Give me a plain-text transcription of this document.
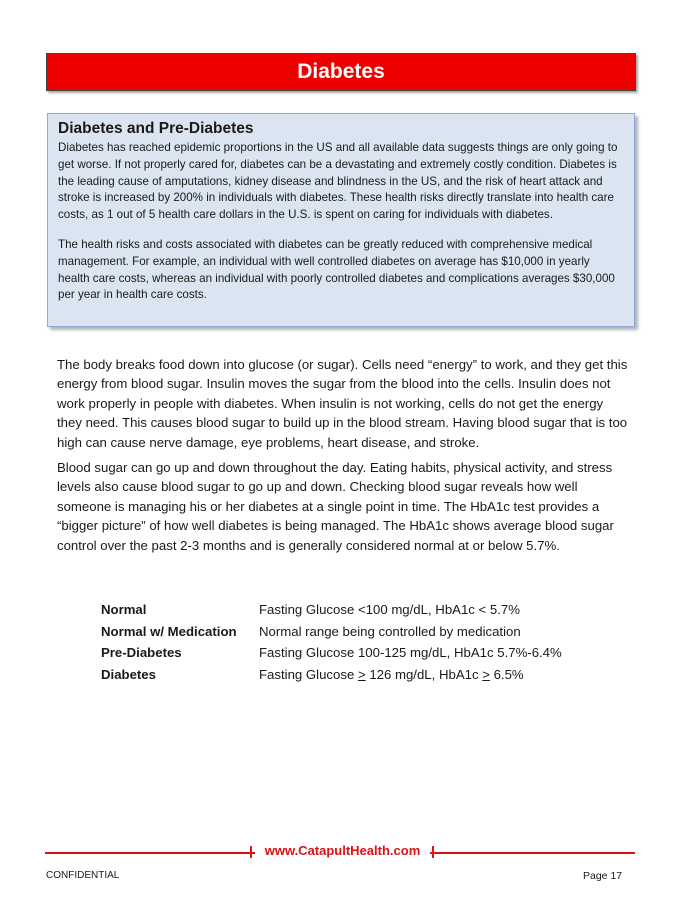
Diabetes
Diabetes and Pre-Diabetes

Diabetes has reached epidemic proportions in the US and all available data suggests things are only going to get worse. If not properly cared for, diabetes can be a devastating and extremely costly condition. Diabetes is the leading cause of amputations, kidney disease and blindness in the US, and the risk of heart attack and stroke is increased by 200% in individuals with diabetes. These health risks directly translate into health care costs, as 1 out of 5 health care dollars in the U.S. is spent on caring for individuals with diabetes.

The health risks and costs associated with diabetes can be greatly reduced with comprehensive medical management. For example, an individual with well controlled diabetes on average has $10,000 in yearly health care costs, whereas an individual with poorly controlled diabetes and complications averages $30,000 per year in health care costs.

The body breaks food down into glucose (or sugar). Cells need “energy” to work, and they get this energy from blood sugar. Insulin moves the sugar from the blood into the cells. Insulin does not work properly in people with diabetes. When insulin is not working, cells do not get the energy they need. This causes blood sugar to build up in the blood stream. Having blood sugar that is too high can cause nerve damage, eye problems, heart disease, and stroke.

Blood sugar can go up and down throughout the day. Eating habits, physical activity, and stress levels also cause blood sugar to go up and down. Checking blood sugar reveals how well someone is managing his or her diabetes at a single point in time. The HbA1c test provides a “bigger picture” of how well diabetes is being managed. The HbA1c shows average blood sugar control over the past 2-3 months and is generally considered normal at or below 5.7%.

Normal	Fasting Glucose <100 mg/dL, HbA1c < 5.7%
Normal w/ Medication	Normal range being controlled by medication
Pre-Diabetes	Fasting Glucose 100-125 mg/dL, HbA1c 5.7%-6.4%
Diabetes	Fasting Glucose > 126 mg/dL, HbA1c > 6.5%
www.CatapultHealth.com
CONFIDENTIAL	Page 17
